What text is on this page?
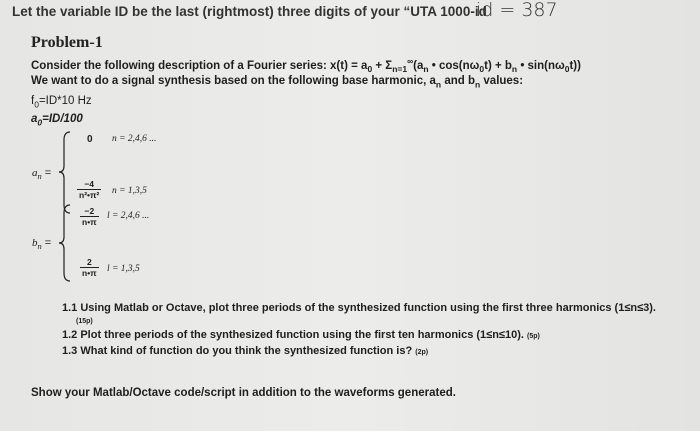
Let the variable ID be the last (rightmost) three digits of your “UTA 1000-id
id = 387
Problem-1
Consider the following description of a Fourier series: $x(t) = a_0 + \Sigma_{n=1}^\infty(a_n$ • $\cos(n\omega_0t) + b_n$ • $\sin(n\omega_0t)$)
We want to do a signal synthesis based on the following base harmonic, $a_n$ and $b_n$ values:
$f_0=ID*10$ Hz
$a_0=ID/100$
$a_n$ =
0 n = 2,4,6 ...
$\frac{-4}{\text{n²•π²}}$ n = 1,3,5
$b_n$ =
$\frac{-2}{n•\pi}$ l = 2,4,6 ...
$\frac{2}{n•\pi}$ l = 1,3,5
1.1 Using Matlab or Octave, plot three periods of the synthesized function using the first three harmonics (1≤n≤3).
(15p)
1.2 Plot three periods of the synthesized function using the first ten harmonics (1≤n≤10). (5p)
1.3 What kind of function do you think the synthesized function is? (2p)
Show your Matlab/Octave code/script in addition to the waveforms generated.
